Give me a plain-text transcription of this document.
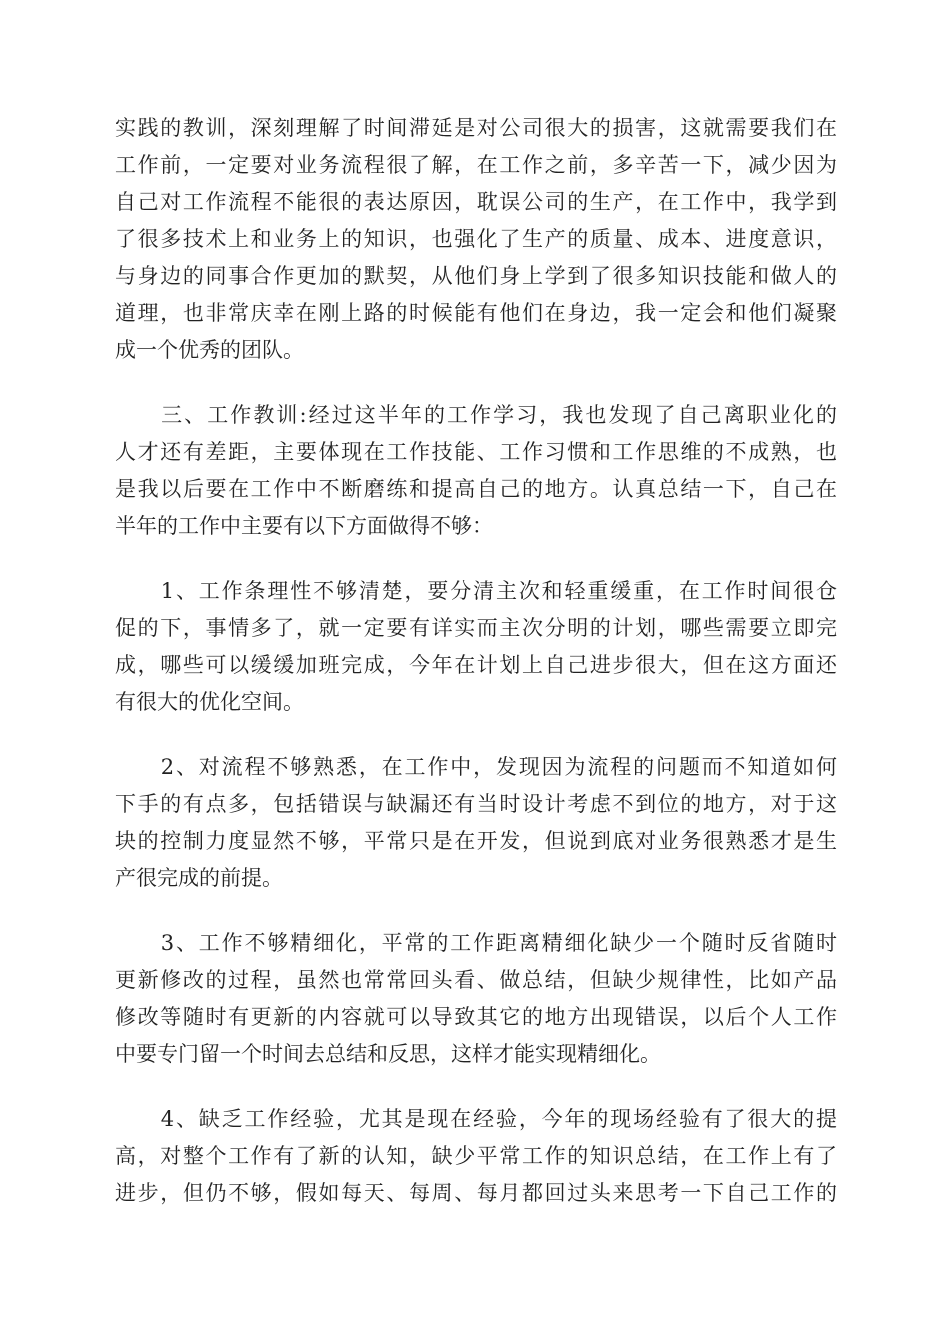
实践的教训，深刻理解了时间滞延是对公司很大的损害，这就需要我们在
工作前，一定要对业务流程很了解，在工作之前，多辛苦一下，减少因为
自己对工作流程不能很的表达原因，耽误公司的生产，在工作中，我学到
了很多技术上和业务上的知识，也强化了生产的质量、成本、进度意识，
与身边的同事合作更加的默契，从他们身上学到了很多知识技能和做人的
道理，也非常庆幸在刚上路的时候能有他们在身边，我一定会和他们凝聚
成一个优秀的团队。
　　三、工作教训:经过这半年的工作学习，我也发现了自己离职业化的
人才还有差距，主要体现在工作技能、工作习惯和工作思维的不成熟，也
是我以后要在工作中不断磨练和提高自己的地方。认真总结一下，自己在
半年的工作中主要有以下方面做得不够：
　　1、工作条理性不够清楚，要分清主次和轻重缓重，在工作时间很仓
促的下，事情多了，就一定要有详实而主次分明的计划，哪些需要立即完
成，哪些可以缓缓加班完成，今年在计划上自己进步很大，但在这方面还
有很大的优化空间。
　　2、对流程不够熟悉，在工作中，发现因为流程的问题而不知道如何
下手的有点多，包括错误与缺漏还有当时设计考虑不到位的地方，对于这
块的控制力度显然不够，平常只是在开发，但说到底对业务很熟悉才是生
产很完成的前提。
　　3、工作不够精细化，平常的工作距离精细化缺少一个随时反省随时
更新修改的过程，虽然也常常回头看、做总结，但缺少规律性，比如产品
修改等随时有更新的内容就可以导致其它的地方出现错误，以后个人工作
中要专门留一个时间去总结和反思，这样才能实现精细化。
　　4、缺乏工作经验，尤其是现在经验，今年的现场经验有了很大的提
高，对整个工作有了新的认知，缺少平常工作的知识总结，在工作上有了
进步，但仍不够，假如每天、每周、每月都回过头来思考一下自己工作的
